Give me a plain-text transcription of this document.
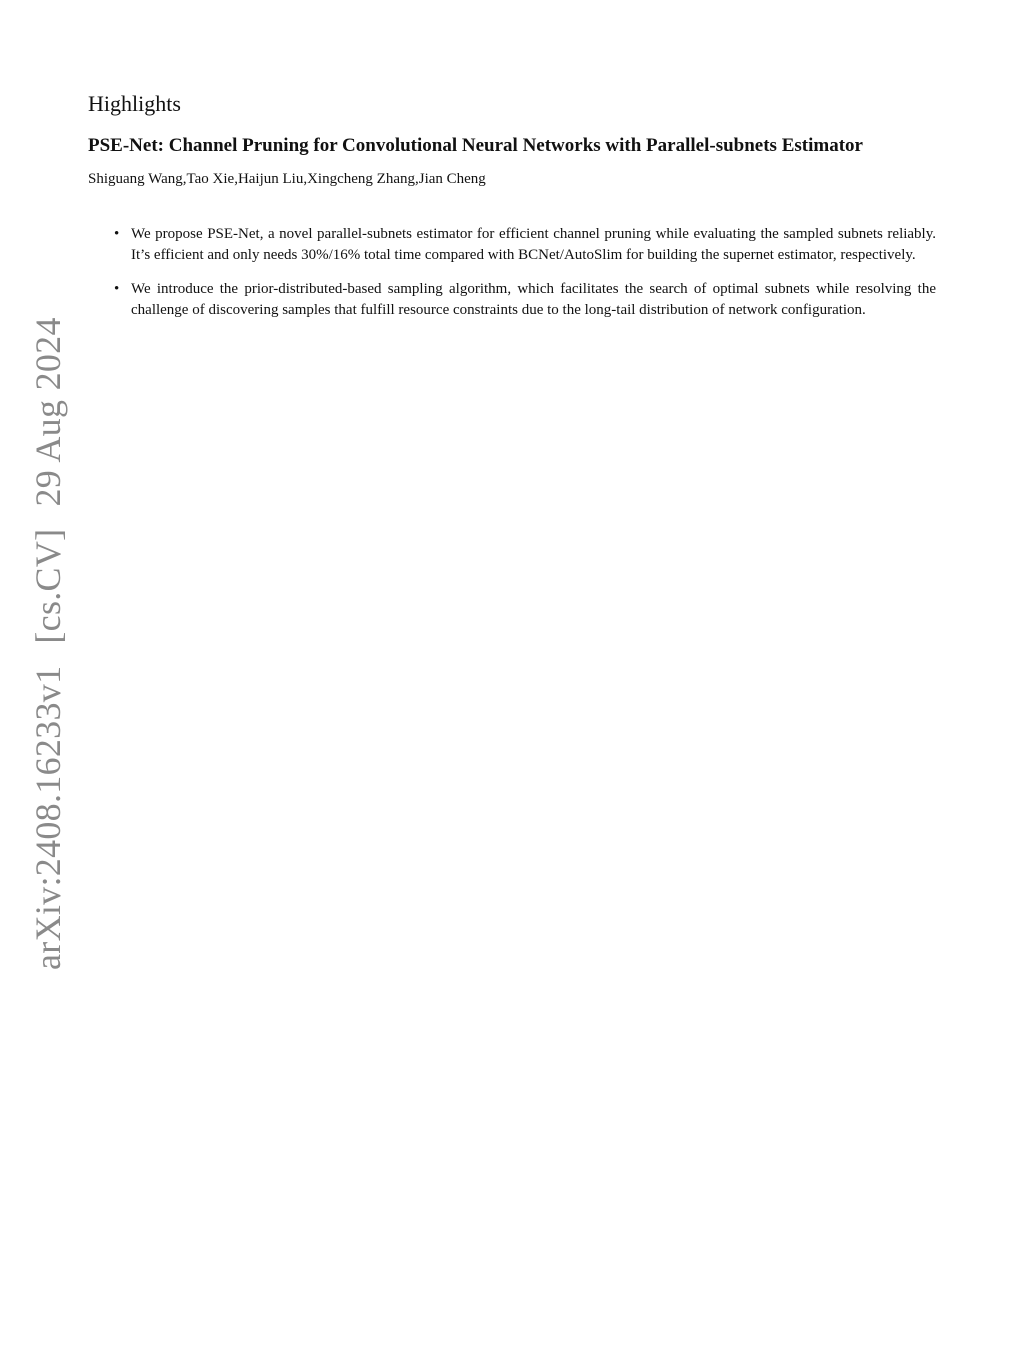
arXiv:2408.16233v1[cs.CV]29 Aug 2024
Highlights
PSE-Net: Channel Pruning for Convolutional Neural Networks with Parallel-subnets Estimator

Shiguang Wang,Tao Xie,Haijun Liu,Xingcheng Zhang,Jian Cheng

• We propose PSE-Net, a novel parallel-subnets estimator for efficient channel pruning while evaluating the sampled subnets reliably. It’s efficient and only needs 30%/16% total time compared with BCNet/AutoSlim for building the supernet estimator, respectively.
• We introduce the prior-distributed-based sampling algorithm, which facilitates the search of optimal subnets while resolving the challenge of discovering samples that fulfill resource constraints due to the long-tail distribution of network configuration.
